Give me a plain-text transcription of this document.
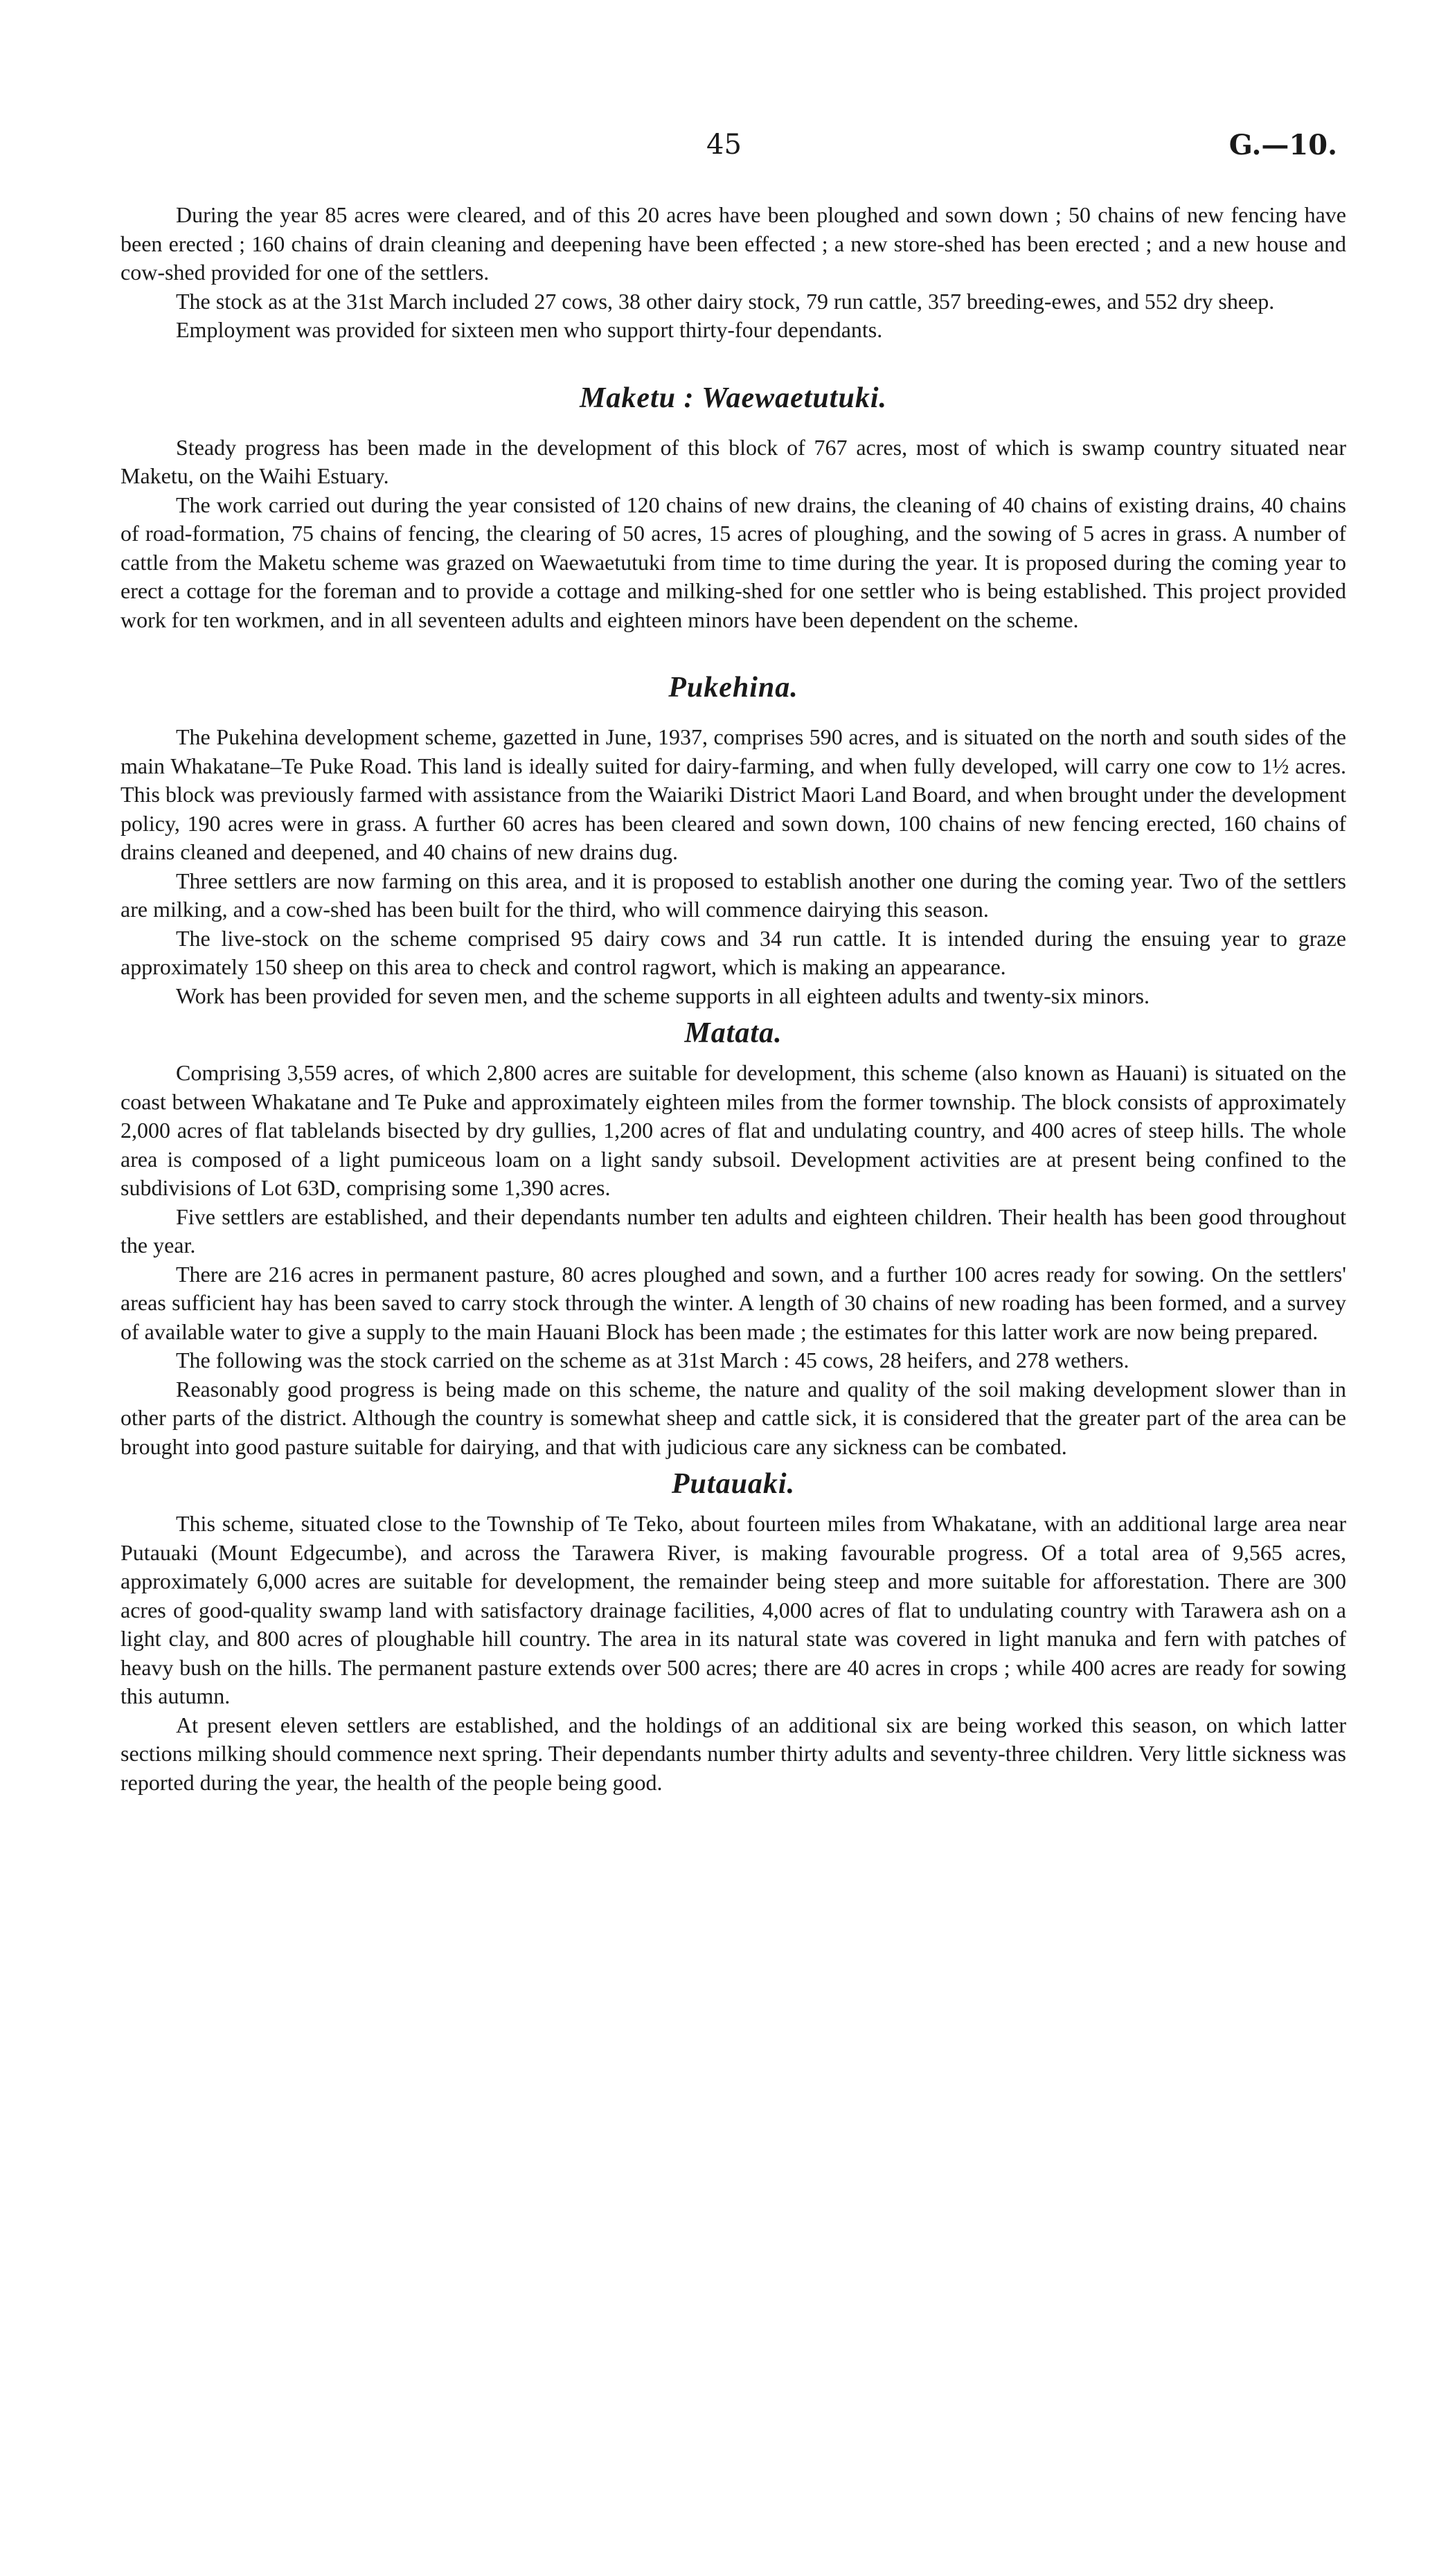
45	G.—10.

During the year 85 acres were cleared, and of this 20 acres have been ploughed and sown down ; 50 chains of new fencing have been erected ; 160 chains of drain cleaning and deepening have been effected ; a new store-shed has been erected ; and a new house and cow-shed provided for one of the settlers.

The stock as at the 31st March included 27 cows, 38 other dairy stock, 79 run cattle, 357 breeding-ewes, and 552 dry sheep.

Employment was provided for sixteen men who support thirty-four dependants.

Maketu : Waewaetutuki.

Steady progress has been made in the development of this block of 767 acres, most of which is swamp country situated near Maketu, on the Waihi Estuary.

The work carried out during the year consisted of 120 chains of new drains, the cleaning of 40 chains of existing drains, 40 chains of road-formation, 75 chains of fencing, the clearing of 50 acres, 15 acres of ploughing, and the sowing of 5 acres in grass. A number of cattle from the Maketu scheme was grazed on Waewaetutuki from time to time during the year. It is proposed during the coming year to erect a cottage for the foreman and to provide a cottage and milking-shed for one settler who is being established. This project provided work for ten workmen, and in all seventeen adults and eighteen minors have been dependent on the scheme.

Pukehina.

The Pukehina development scheme, gazetted in June, 1937, comprises 590 acres, and is situated on the north and south sides of the main Whakatane–Te Puke Road. This land is ideally suited for dairy-farming, and when fully developed, will carry one cow to 1½ acres. This block was previously farmed with assistance from the Waiariki District Maori Land Board, and when brought under the development policy, 190 acres were in grass. A further 60 acres has been cleared and sown down, 100 chains of new fencing erected, 160 chains of drains cleaned and deepened, and 40 chains of new drains dug.

Three settlers are now farming on this area, and it is proposed to establish another one during the coming year. Two of the settlers are milking, and a cow-shed has been built for the third, who will commence dairying this season.

The live-stock on the scheme comprised 95 dairy cows and 34 run cattle. It is intended during the ensuing year to graze approximately 150 sheep on this area to check and control ragwort, which is making an appearance.

Work has been provided for seven men, and the scheme supports in all eighteen adults and twenty-six minors.

Matata.

Comprising 3,559 acres, of which 2,800 acres are suitable for development, this scheme (also known as Hauani) is situated on the coast between Whakatane and Te Puke and approximately eighteen miles from the former township. The block consists of approximately 2,000 acres of flat tablelands bisected by dry gullies, 1,200 acres of flat and undulating country, and 400 acres of steep hills. The whole area is composed of a light pumiceous loam on a light sandy subsoil. Development activities are at present being confined to the subdivisions of Lot 63D, comprising some 1,390 acres.

Five settlers are established, and their dependants number ten adults and eighteen children. Their health has been good throughout the year.

There are 216 acres in permanent pasture, 80 acres ploughed and sown, and a further 100 acres ready for sowing. On the settlers' areas sufficient hay has been saved to carry stock through the winter. A length of 30 chains of new roading has been formed, and a survey of available water to give a supply to the main Hauani Block has been made ; the estimates for this latter work are now being prepared.

The following was the stock carried on the scheme as at 31st March : 45 cows, 28 heifers, and 278 wethers.

Reasonably good progress is being made on this scheme, the nature and quality of the soil making development slower than in other parts of the district. Although the country is somewhat sheep and cattle sick, it is considered that the greater part of the area can be brought into good pasture suitable for dairying, and that with judicious care any sickness can be combated.

Putauaki.

This scheme, situated close to the Township of Te Teko, about fourteen miles from Whakatane, with an additional large area near Putauaki (Mount Edgecumbe), and across the Tarawera River, is making favourable progress. Of a total area of 9,565 acres, approximately 6,000 acres are suitable for development, the remainder being steep and more suitable for afforestation. There are 300 acres of good-quality swamp land with satisfactory drainage facilities, 4,000 acres of flat to undulating country with Tarawera ash on a light clay, and 800 acres of ploughable hill country. The area in its natural state was covered in light manuka and fern with patches of heavy bush on the hills. The permanent pasture extends over 500 acres; there are 40 acres in crops ; while 400 acres are ready for sowing this autumn.

At present eleven settlers are established, and the holdings of an additional six are being worked this season, on which latter sections milking should commence next spring. Their dependants number thirty adults and seventy-three children. Very little sickness was reported during the year, the health of the people being good.
